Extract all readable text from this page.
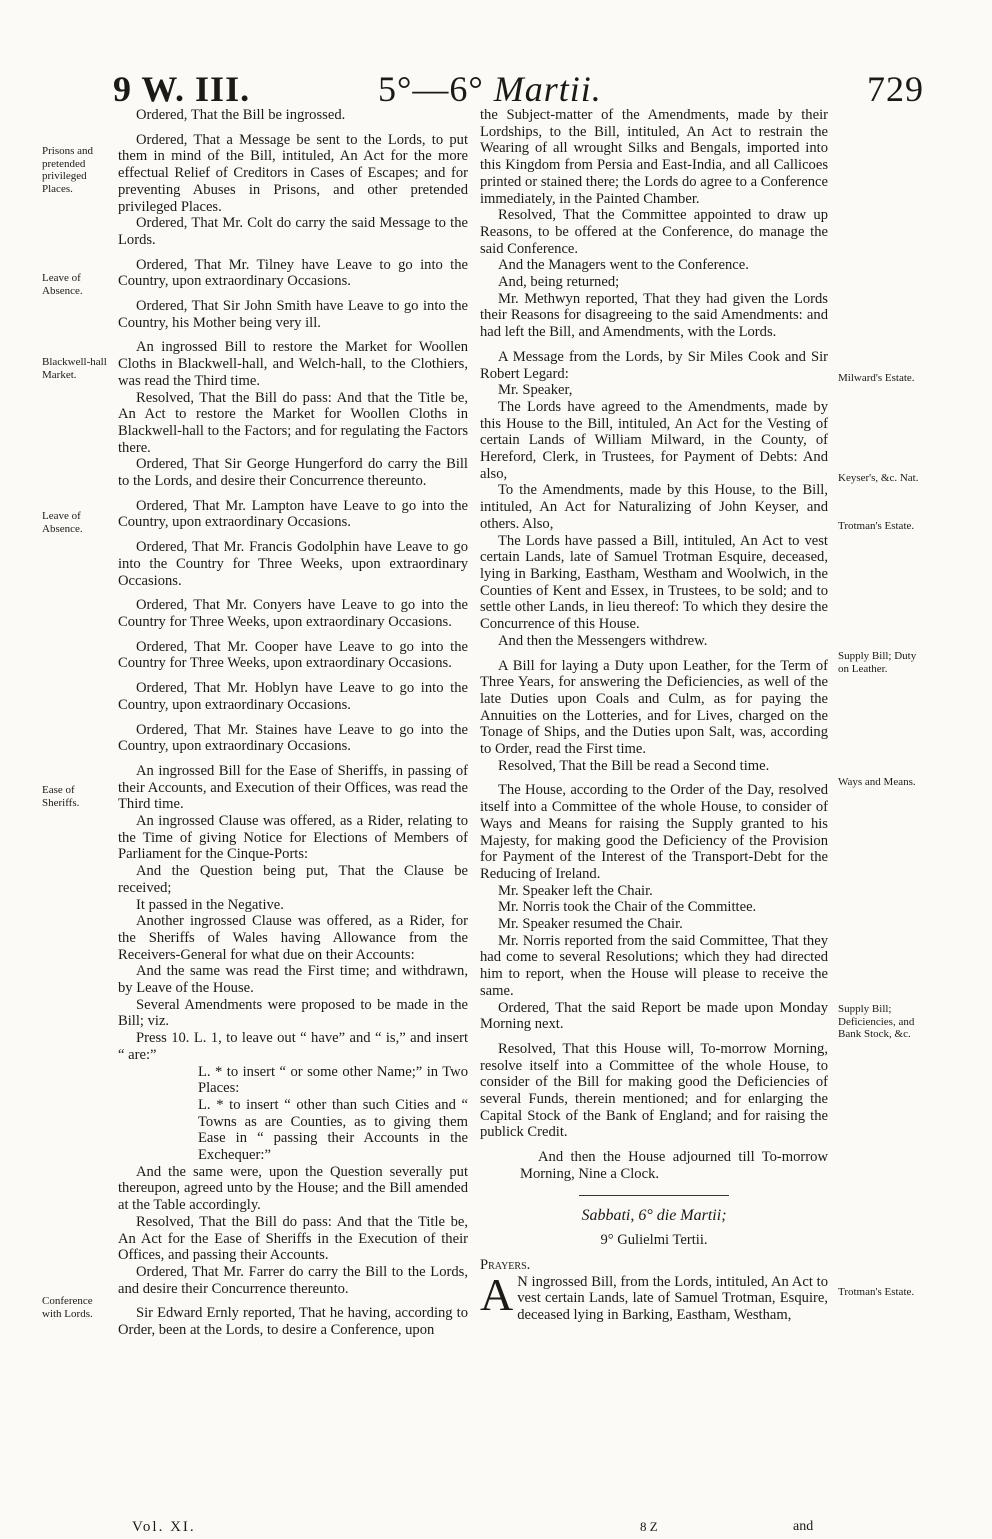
9 W. III.	5°—6° Martii.	729
Prisons and pretended privileged Places.
Leave of Absence.
Blackwell-hall Market.
Leave of Absence.
Ease of Sheriffs.
Conference with Lords.
Milward's Estate.
Keyser's, &c. Nat.
Trotman's Estate.
Supply Bill; Duty on Leather.
Ways and Means.
Supply Bill; Deficiencies, and Bank Stock, &c.
Trotman's Estate.

Ordered, That the Bill be ingrossed.

Ordered, That a Message be sent to the Lords, to put them in mind of the Bill, intituled, An Act for the more effectual Relief of Creditors in Cases of Escapes; and for preventing Abuses in Prisons, and other pretended privileged Places.

Ordered, That Mr. Colt do carry the said Message to the Lords.

Ordered, That Mr. Tilney have Leave to go into the Country, upon extraordinary Occasions.

Ordered, That Sir John Smith have Leave to go into the Country, his Mother being very ill.

An ingrossed Bill to restore the Market for Woollen Cloths in Blackwell-hall, and Welch-hall, to the Clothiers, was read the Third time.

Resolved, That the Bill do pass: And that the Title be, An Act to restore the Market for Woollen Cloths in Blackwell-hall to the Factors; and for regulating the Factors there.

Ordered, That Sir George Hungerford do carry the Bill to the Lords, and desire their Concurrence thereunto.

Ordered, That Mr. Lampton have Leave to go into the Country, upon extraordinary Occasions.

Ordered, That Mr. Francis Godolphin have Leave to go into the Country for Three Weeks, upon extraordinary Occasions.

Ordered, That Mr. Conyers have Leave to go into the Country for Three Weeks, upon extraordinary Occasions.

Ordered, That Mr. Cooper have Leave to go into the Country for Three Weeks, upon extraordinary Occasions.

Ordered, That Mr. Hoblyn have Leave to go into the Country, upon extraordinary Occasions.

Ordered, That Mr. Staines have Leave to go into the Country, upon extraordinary Occasions.

An ingrossed Bill for the Ease of Sheriffs, in passing of their Accounts, and Execution of their Offices, was read the Third time.

An ingrossed Clause was offered, as a Rider, relating to the Time of giving Notice for Elections of Members of Parliament for the Cinque-Ports:

And the Question being put, That the Clause be received;

It passed in the Negative.

Another ingrossed Clause was offered, as a Rider, for the Sheriffs of Wales having Allowance from the Receivers-General for what due on their Accounts:

And the same was read the First time; and withdrawn, by Leave of the House.

Several Amendments were proposed to be made in the Bill; viz.

Press 10. L. 1, to leave out “ have” and “ is,” and insert “ are:”

L. * to insert “ or some other Name;” in Two Places:

L. * to insert “ other than such Cities and “ Towns as are Counties, as to giving them Ease in “ passing their Accounts in the Exchequer:”

And the same were, upon the Question severally put thereupon, agreed unto by the House; and the Bill amended at the Table accordingly.

Resolved, That the Bill do pass: And that the Title be, An Act for the Ease of Sheriffs in the Execution of their Offices, and passing their Accounts.

Ordered, That Mr. Farrer do carry the Bill to the Lords, and desire their Concurrence thereunto.

Sir Edward Ernly reported, That he having, according to Order, been at the Lords, to desire a Conference, upon

the Subject-matter of the Amendments, made by their Lordships, to the Bill, intituled, An Act to restrain the Wearing of all wrought Silks and Bengals, imported into this Kingdom from Persia and East-India, and all Callicoes printed or stained there; the Lords do agree to a Conference immediately, in the Painted Chamber.

Resolved, That the Committee appointed to draw up Reasons, to be offered at the Conference, do manage the said Conference.

And the Managers went to the Conference.

And, being returned;

Mr. Methwyn reported, That they had given the Lords their Reasons for disagreeing to the said Amendments: and had left the Bill, and Amendments, with the Lords.

A Message from the Lords, by Sir Miles Cook and Sir Robert Legard:

Mr. Speaker,

The Lords have agreed to the Amendments, made by this House to the Bill, intituled, An Act for the Vesting of certain Lands of William Milward, in the County, of Hereford, Clerk, in Trustees, for Payment of Debts: And also,

To the Amendments, made by this House, to the Bill, intituled, An Act for Naturalizing of John Keyser, and others. Also,

The Lords have passed a Bill, intituled, An Act to vest certain Lands, late of Samuel Trotman Esquire, deceased, lying in Barking, Eastham, Westham and Woolwich, in the Counties of Kent and Essex, in Trustees, to be sold; and to settle other Lands, in lieu thereof: To which they desire the Concurrence of this House.

And then the Messengers withdrew.

A Bill for laying a Duty upon Leather, for the Term of Three Years, for answering the Deficiencies, as well of the late Duties upon Coals and Culm, as for paying the Annuities on the Lotteries, and for Lives, charged on the Tonage of Ships, and the Duties upon Salt, was, according to Order, read the First time.

Resolved, That the Bill be read a Second time.

The House, according to the Order of the Day, resolved itself into a Committee of the whole House, to consider of Ways and Means for raising the Supply granted to his Majesty, for making good the Deficiency of the Provision for Payment of the Interest of the Transport-Debt for the Reducing of Ireland.

Mr. Speaker left the Chair.

Mr. Norris took the Chair of the Committee.

Mr. Speaker resumed the Chair.

Mr. Norris reported from the said Committee, That they had come to several Resolutions; which they had directed him to report, when the House will please to receive the same.

Ordered, That the said Report be made upon Monday Morning next.

Resolved, That this House will, To-morrow Morning, resolve itself into a Committee of the whole House, to consider of the Bill for making good the Deficiencies of several Funds, therein mentioned; and for enlarging the Capital Stock of the Bank of England; and for raising the publick Credit.

And then the House adjourned till To-morrow Morning, Nine a Clock.

Sabbati, 6° die Martii;

9° Gulielmi Tertii.

Prayers.

A N ingrossed Bill, from the Lords, intituled, An Act to vest certain Lands, late of Samuel Trotman, Esquire, deceased lying in Barking, Eastham, Westham,

Vol. XI.	8 Z	and
